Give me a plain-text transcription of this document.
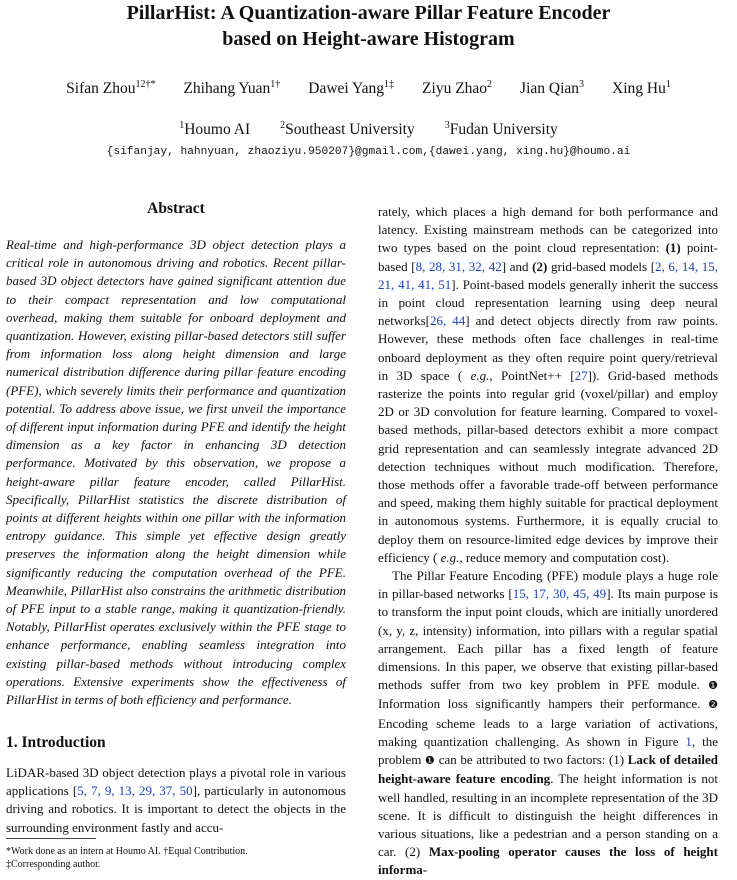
PillarHist: A Quantization-aware Pillar Feature Encoder
based on Height-aware Histogram
Sifan Zhou$^{12\dagger*}$ Zhihang Yuan$^{1\dagger}$ Dawei Yang$^{1\ddagger}$ Ziyu Zhao$^2$ Jian Qian$^3$ Xing Hu$^1$
$^1$Houmo AI	$^2$Southeast University	$^3$Fudan University
{sifanjay, hahnyuan, zhaoziyu.950207}@gmail.com,{dawei.yang, xing.hu}@houmo.ai
Abstract
Real-time and high-performance 3D object detection plays a critical role in autonomous driving and robotics. Recent pillar-based 3D object detectors have gained significant attention due to their compact representation and low computational overhead, making them suitable for onboard deployment and quantization. However, existing pillar-based detectors still suffer from information loss along height dimension and large numerical distribution difference during pillar feature encoding (PFE), which severely limits their performance and quantization potential. To address above issue, we first unveil the importance of different input information during PFE and identify the height dimension as a key factor in enhancing 3D detection performance. Motivated by this observation, we propose a height-aware pillar feature encoder, called PillarHist. Specifically, PillarHist statistics the discrete distribution of points at different heights within one pillar with the information entropy guidance. This simple yet effective design greatly preserves the information along the height dimension while significantly reducing the computation overhead of the PFE. Meanwhile, PillarHist also constrains the arithmetic distribution of PFE input to a stable range, making it quantization-friendly. Notably, PillarHist operates exclusively within the PFE stage to enhance performance, enabling seamless integration into existing pillar-based methods without introducing complex operations. Extensive experiments show the effectiveness of PillarHist in terms of both efficiency and performance.
1. Introduction
LiDAR-based 3D object detection plays a pivotal role in various applications [5, 7, 9, 13, 29, 37, 50], particularly in autonomous driving and robotics. It is important to detect the objects in the surrounding environment fastly and accu-
*Work done as an intern at Houmo AI. †Equal Contribution.
‡Corresponding author.

rately, which places a high demand for both performance and latency. Existing mainstream methods can be categorized into two types based on the point cloud representation: (1) point-based [8, 28, 31, 32, 42] and (2) grid-based models [2, 6, 14, 15, 21, 41, 41, 51]. Point-based models generally inherit the success in point cloud representation learning using deep neural networks[26, 44] and detect objects directly from raw points. However, these methods often face challenges in real-time onboard deployment as they often require point query/retrieval in 3D space ( e.g., PointNet++ [27]). Grid-based methods rasterize the points into regular grid (voxel/pillar) and employ 2D or 3D convolution for feature learning. Compared to voxel-based methods, pillar-based detectors exhibit a more compact grid representation and can seamlessly integrate advanced 2D detection techniques without much modification. Therefore, those methods offer a favorable trade-off between performance and speed, making them highly suitable for practical deployment in autonomous systems. Furthermore, it is equally crucial to deploy them on resource-limited edge devices by improve their efficiency ( e.g., reduce memory and computation cost).

The Pillar Feature Encoding (PFE) module plays a huge role in pillar-based networks [15, 17, 30, 45, 49]. Its main purpose is to transform the input point clouds, which are initially unordered (x, y, z, intensity) information, into pillars with a regular spatial arrangement. Each pillar has a fixed length of feature dimensions. In this paper, we observe that existing pillar-based methods suffer from two key problem in PFE module. ❶ Information loss significantly hampers their performance. ❷ Encoding scheme leads to a large variation of activations, making quantization challenging. As shown in Figure 1, the problem ❶ can be attributed to two factors: (1) Lack of detailed height-aware feature encoding. The height information is not well handled, resulting in an incomplete representation of the 3D scene. It is difficult to distinguish the height differences in various situations, like a pedestrian and a person standing on a car. (2) Max-pooling operator causes the loss of height informa-
